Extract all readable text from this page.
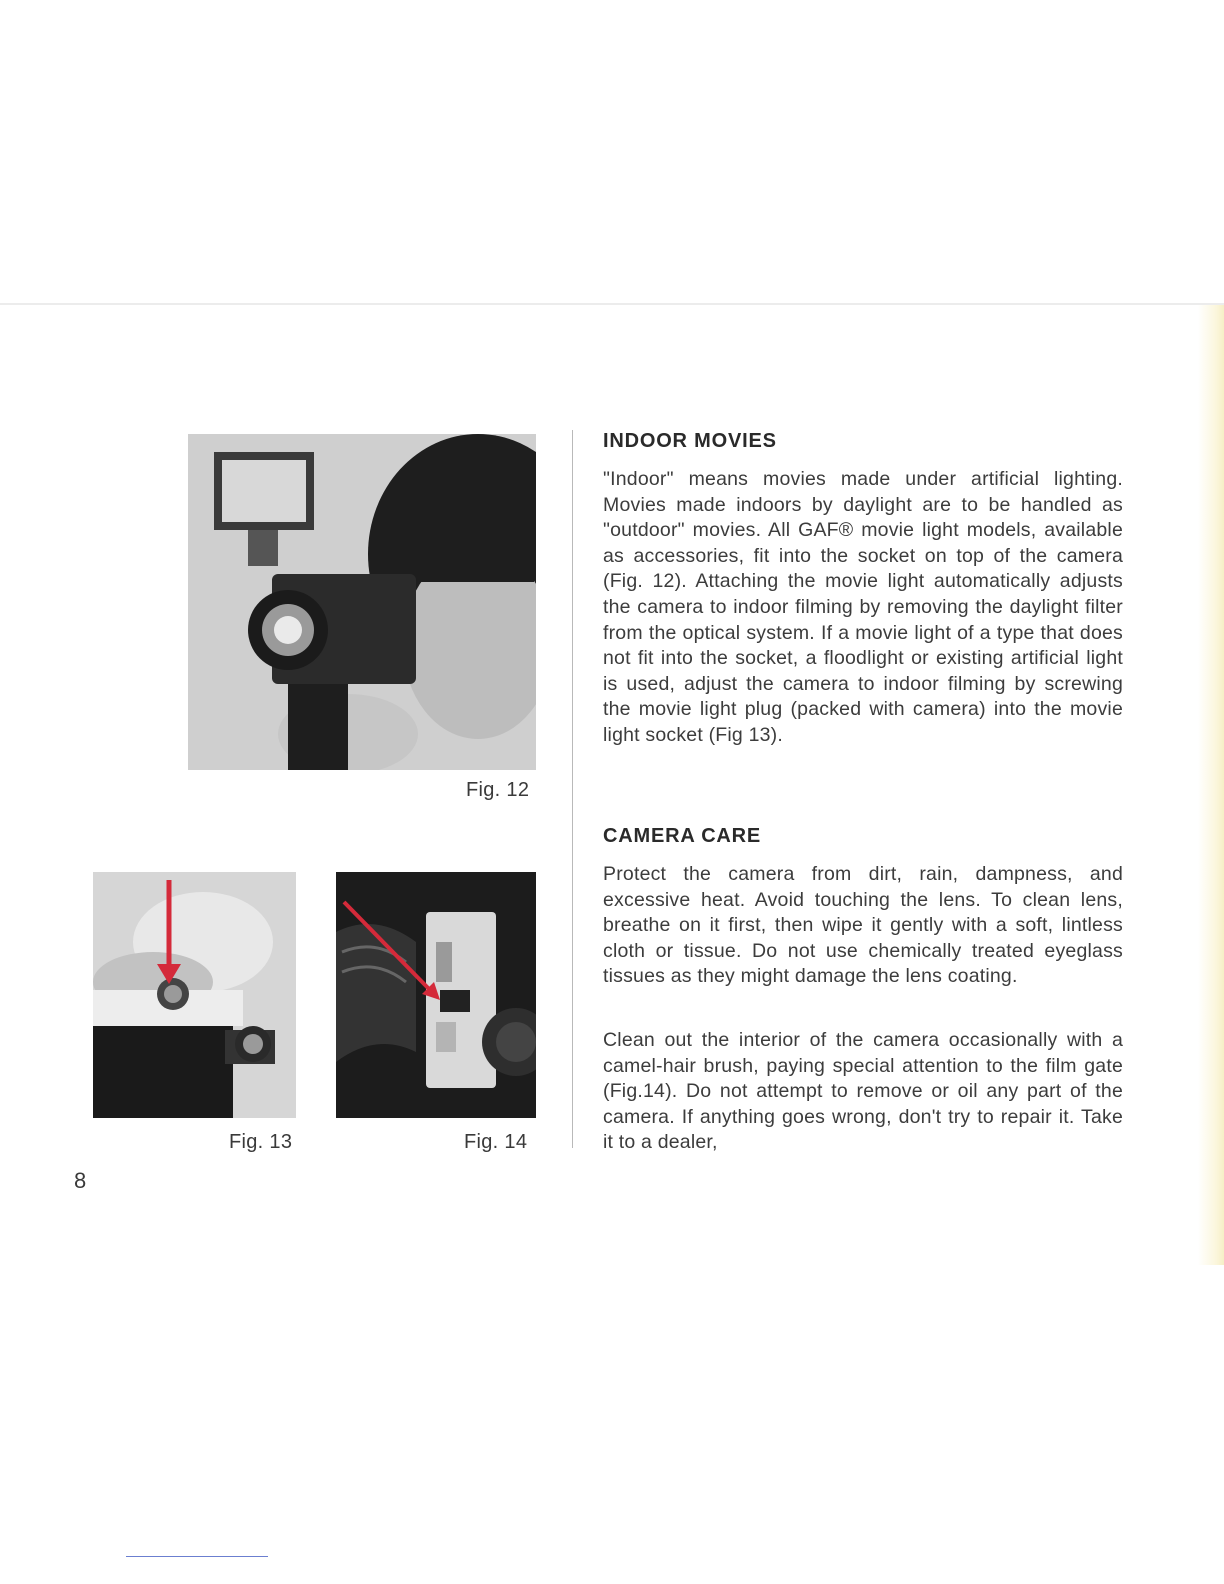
Fig. 12
Fig. 13	Fig. 14
INDOOR MOVIES

"Indoor" means movies made under artificial lighting. Movies made indoors by daylight are to be handled as "outdoor" movies. All GAF® movie light models, available as accessories, fit into the socket on top of the camera (Fig. 12). Attaching the movie light automatically adjusts the camera to indoor filming by removing the daylight filter from the optical system. If a movie light of a type that does not fit into the socket, a floodlight or existing artificial light is used, adjust the camera to indoor filming by screwing the movie light plug (packed with camera) into the movie light socket (Fig 13).

CAMERA CARE

Protect the camera from dirt, rain, dampness, and excessive heat. Avoid touching the lens. To clean lens, breathe on it first, then wipe it gently with a soft, lintless cloth or tissue. Do not use chemically treated eyeglass tissues as they might damage the lens coating.

Clean out the interior of the camera occasionally with a camel-hair brush, paying special attention to the film gate (Fig.14). Do not attempt to remove or oil any part of the camera. If anything goes wrong, don't try to repair it. Take it to a dealer,

8
